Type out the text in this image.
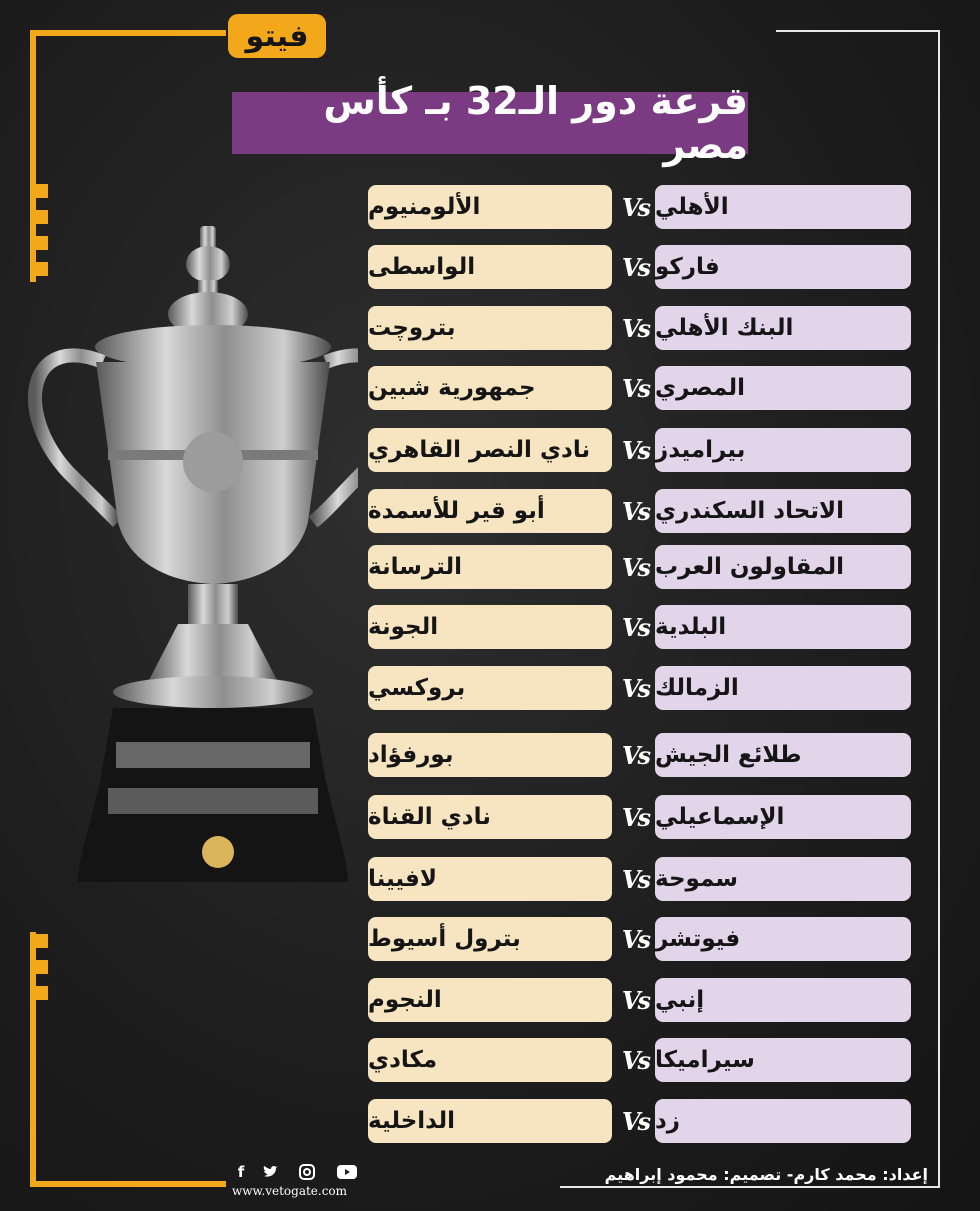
فيتو
قرعة دور الـ32 بـ كأس مصر
الألومنيوم	Vs الأهلي
الواسطى	Vs فاركو
بتروچت	Vs البنك الأهلي
جمهورية شبين	Vs المصري
نادي النصر القاهري	Vs بيراميدز
أبو قير للأسمدة	Vs الاتحاد السكندري
الترسانة	Vs المقاولون العرب
الجونة	Vs البلدية
بروكسي	Vs الزمالك
بورفؤاد	Vs طلائع الجيش
نادي القناة	Vs الإسماعيلي
لافيينا	Vs سموحة
بترول أسيوط	Vs فيوتشر
النجوم	Vs إنبي
مكادي	Vs سيراميكا
الداخلية	Vs زد
إعداد: محمد كارم- تصميم: محمود إبراهيم
www.vetogate.com
f
